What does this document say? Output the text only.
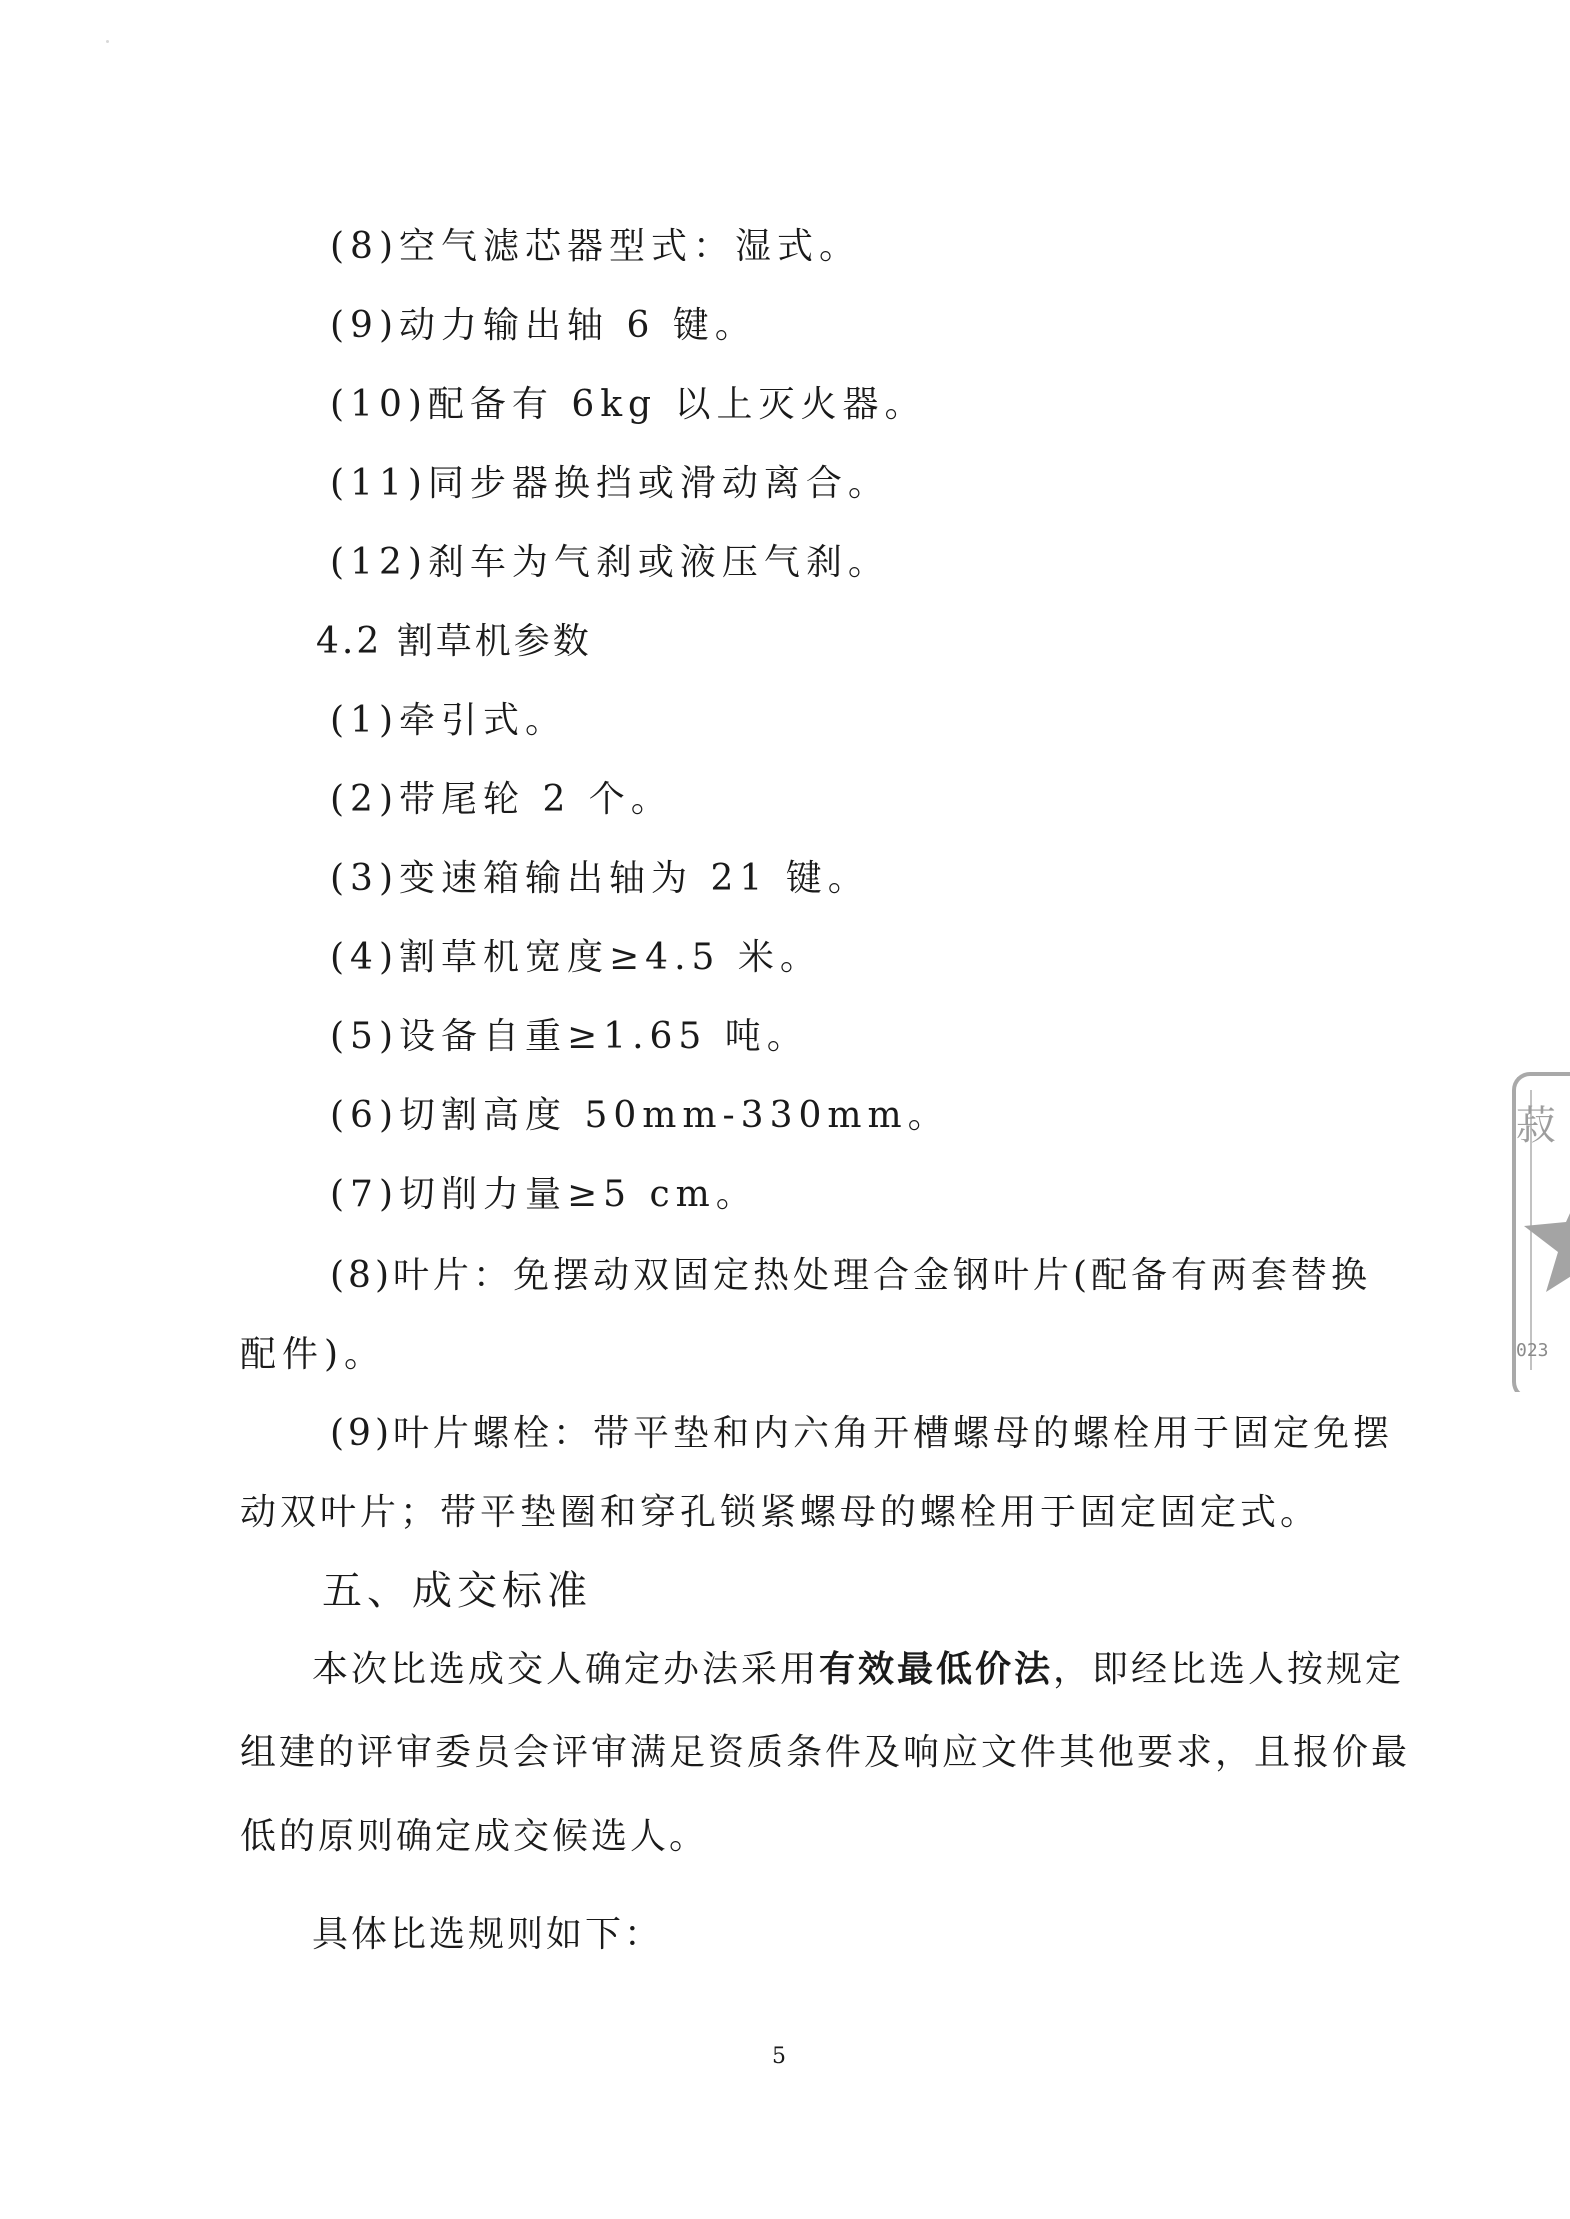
(8)空气滤芯器型式：湿式。
(9)动力输出轴 6 键。
(10)配备有 6kg 以上灭火器。
(11)同步器换挡或滑动离合。
(12)刹车为气刹或液压气刹。
4.2 割草机参数
(1)牵引式。
(2)带尾轮 2 个。
(3)变速箱输出轴为 21 键。
(4)割草机宽度≥4.5 米。
(5)设备自重≥1.65 吨。
(6)切割高度 50mm-330mm。
(7)切削力量≥5 cm。
(8)叶片：免摆动双固定热处理合金钢叶片(配备有两套替换
配件)。
(9)叶片螺栓：带平垫和内六角开槽螺母的螺栓用于固定免摆
动双叶片；带平垫圈和穿孔锁紧螺母的螺栓用于固定固定式。
五、成交标准
本次比选成交人确定办法采用有效最低价法，即经比选人按规定
组建的评审委员会评审满足资质条件及响应文件其他要求，且报价最
低的原则确定成交候选人。
具体比选规则如下：
5
菽
023
